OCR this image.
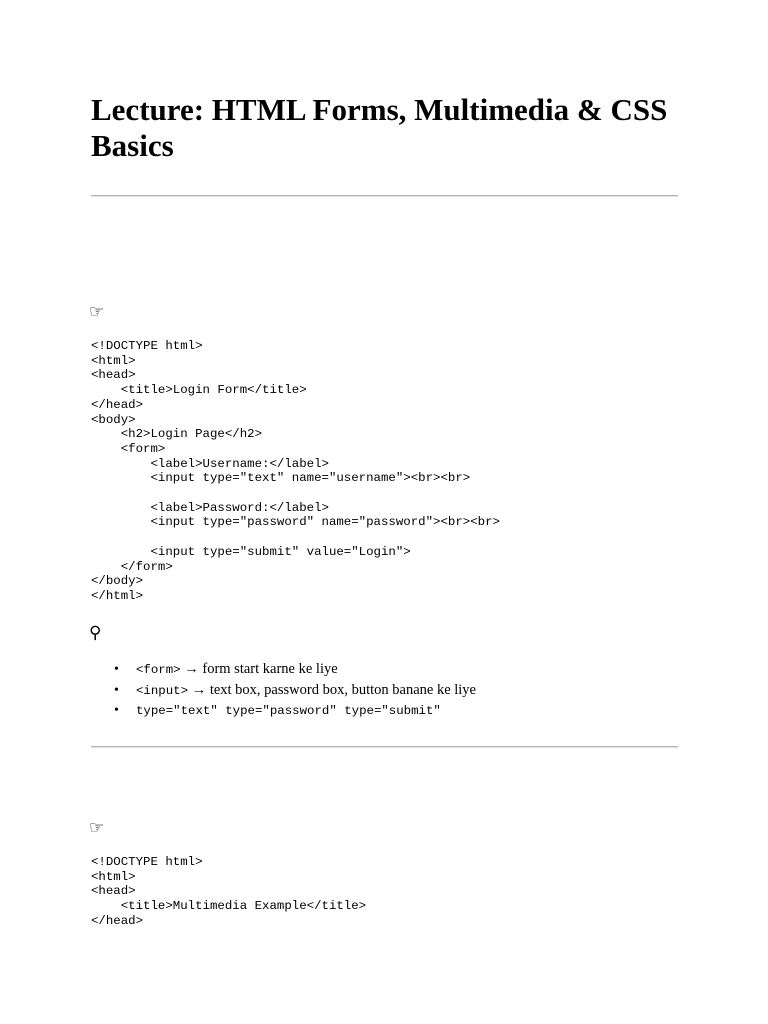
Lecture: HTML Forms, Multimedia & CSS Basics
☞
<!DOCTYPE html>
<html>
<head>
<title>Login Form</title>
</head>
<body>
<h2>Login Page</h2>
<form>
<label>Username:</label>
<input type="text" name="username"><br><br>

<label>Password:</label>
<input type="password" name="password"><br><br>

<input type="submit" value="Login">
</form>
</body>
</html>
⚲
• <form> → form start karne ke liye
• <input> → text box, password box, button banane ke liye
• type="text" type="password" type="submit"
☞
<!DOCTYPE html>
<html>
<head>
<title>Multimedia Example</title>
</head>
